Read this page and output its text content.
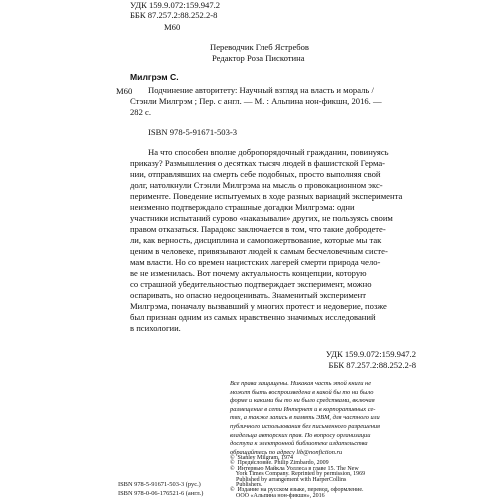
УДК 159.9.072:159.947.2
ББК 87.257.2:88.252.2-8
М60
Переводчик Глеб Ястребов
Редактор Роза Пискотина
Милгрэм С.
М60	Подчинение авторитету: Научный взгляд на власть и мораль /
Стэнли Милгрэм ; Пер. с англ. — М. : Альпина нон-фикшн, 2016. —
282 с.
ISBN 978-5-91671-503-3
На что способен вполне добропорядочный гражданин, повинуясь
приказу? Размышления о десятках тысяч людей в фашистской Герма-
нии, отправлявших на смерть себе подобных, просто выполняя свой
долг, натолкнули Стэнли Милгрэма на мысль о провокационном экс-
перименте. Поведение испытуемых в ходе разных вариаций эксперимента
неизменно подтверждало страшные догадки Милгрэма: одни
участники испытаний сурово «наказывали» других, не пользуясь своим
правом отказаться. Парадокс заключается в том, что такие добродете-
ли, как верность, дисциплина и самопожертвование, которые мы так
ценим в человеке, привязывают людей к самым бесчеловечным систе-
мам власти. Но со времен нацистских лагерей смерти природа чело-
ве не изменилась. Вот почему актуальность концепции, которую
со страшной убедительностью подтверждает эксперимент, можно
оспаривать, но опасно недооценивать. Знаменитый эксперимент
Милгрэма, поначалу вызвавший у многих протест и недоверие, позже
был признан одним из самых нравственно значимых исследований
в психологии.
УДК 159.9.072:159.947.2
ББК 87.257.2:88.252.2-8
Все права защищены. Никакая часть этой книги не
может быть воспроизведена в какой бы то ни было
форме и какими бы то ни было средствами, включая
размещение в сети Интернет и в корпоративных се-
тях, а также запись в память ЭВМ, для частного или
публичного использования без письменного разрешения
владельца авторских прав. По вопросу организации
доступа к электронной библиотеке издательства
обращайтесь по адресу lib@nonfiction.ru
©  Stanley Milgram, 1974
©  Предисловие. Philip Zimbardo, 2009
©  Интервью Майкла Уоллеса в главе 15. The New
York Times Company. Reprinted by permission, 1969
Published by arrangement with HarperCollins
Publishers.
©  Издание на русском языке, перевод, оформление.
ООО «Альпина нон-фикшн», 2016
ISBN 978-5-91671-503-3 (рус.)
ISBN 978-0-06-176521-6 (англ.)
